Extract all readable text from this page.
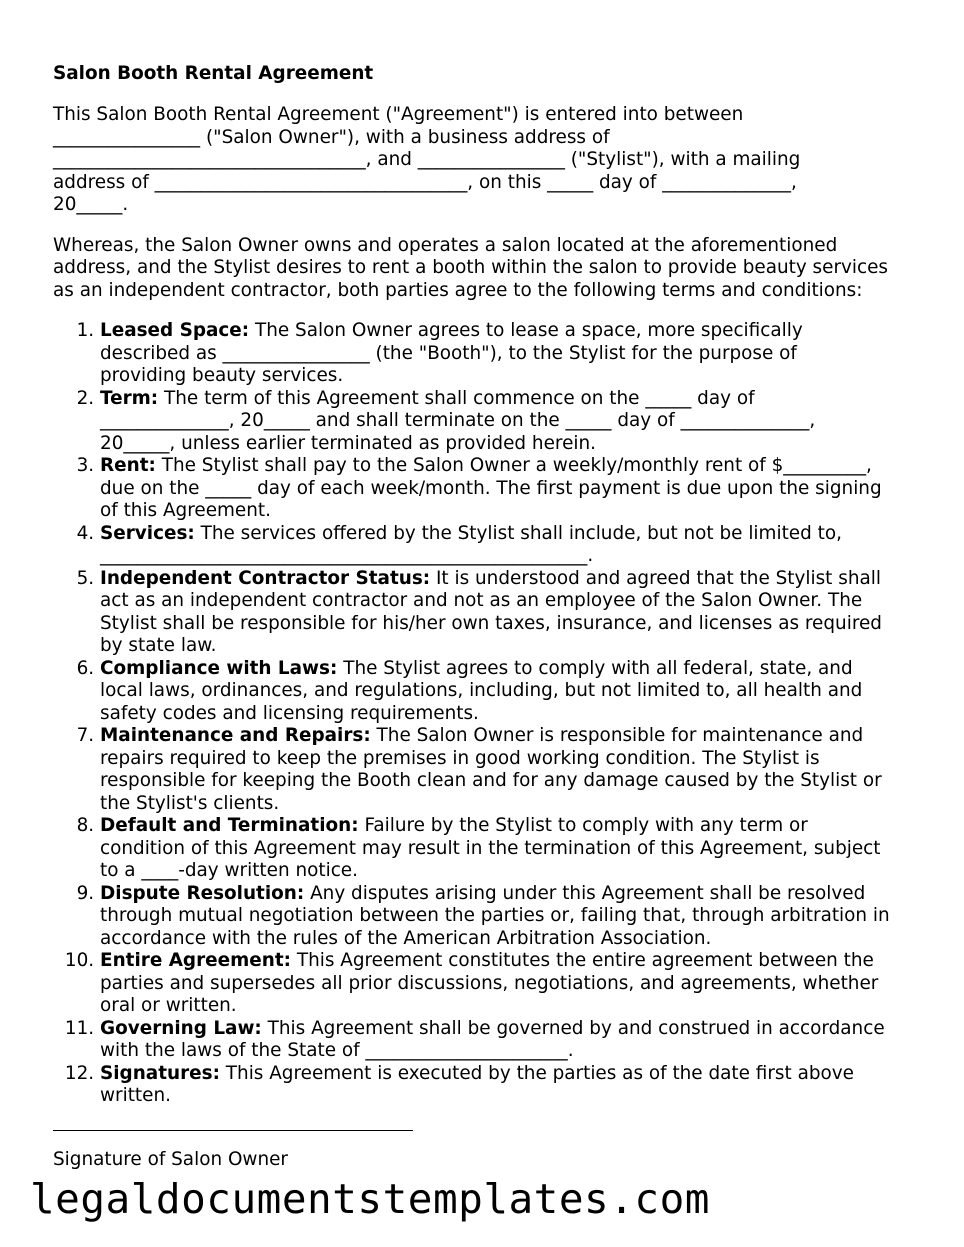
Salon Booth Rental Agreement

This Salon Booth Rental Agreement ("Agreement") is entered into between
________________ ("Salon Owner"), with a business address of
__________________________________, and ________________ ("Stylist"), with a mailing
address of __________________________________, on this _____ day of ______________,
20_____.

Whereas, the Salon Owner owns and operates a salon located at the aforementioned
address, and the Stylist desires to rent a booth within the salon to provide beauty services
as an independent contractor, both parties agree to the following terms and conditions:

1. Leased Space: The Salon Owner agrees to lease a space, more specifically
described as ________________ (the "Booth"), to the Stylist for the purpose of
providing beauty services.
2. Term: The term of this Agreement shall commence on the _____ day of
______________, 20_____ and shall terminate on the _____ day of ______________,
20_____, unless earlier terminated as provided herein.
3. Rent: The Stylist shall pay to the Salon Owner a weekly/monthly rent of $_________,
due on the _____ day of each week/month. The first payment is due upon the signing
of this Agreement.
4. Services: The services offered by the Stylist shall include, but not be limited to,
_____________________________________________________.
5. Independent Contractor Status: It is understood and agreed that the Stylist shall
act as an independent contractor and not as an employee of the Salon Owner. The
Stylist shall be responsible for his/her own taxes, insurance, and licenses as required
by state law.
6. Compliance with Laws: The Stylist agrees to comply with all federal, state, and
local laws, ordinances, and regulations, including, but not limited to, all health and
safety codes and licensing requirements.
7. Maintenance and Repairs: The Salon Owner is responsible for maintenance and
repairs required to keep the premises in good working condition. The Stylist is
responsible for keeping the Booth clean and for any damage caused by the Stylist or
the Stylist's clients.
8. Default and Termination: Failure by the Stylist to comply with any term or
condition of this Agreement may result in the termination of this Agreement, subject
to a ____-day written notice.
9. Dispute Resolution: Any disputes arising under this Agreement shall be resolved
through mutual negotiation between the parties or, failing that, through arbitration in
accordance with the rules of the American Arbitration Association.
10. Entire Agreement: This Agreement constitutes the entire agreement between the
parties and supersedes all prior discussions, negotiations, and agreements, whether
oral or written.
11. Governing Law: This Agreement shall be governed by and construed in accordance
with the laws of the State of ______________________.
12. Signatures: This Agreement is executed by the parties as of the date first above
written.
Signature of Salon Owner
legaldocumentstemplates.com
